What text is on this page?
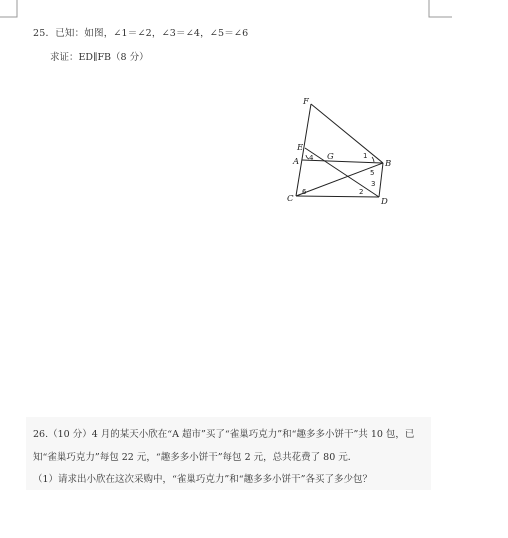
25．已知：如图，∠1＝∠2，∠3＝∠4，∠5＝∠6
求证：ED∥FB（8 分）
F
E
A
C
G
B
D
1
2
3
4
5
6
26.（10 分）4 月的某天小欣在“A 超市”买了“雀巢巧克力”和“趣多多小饼干”共 10 包，已
知“雀巢巧克力”每包 22 元，“趣多多小饼干”每包 2 元，总共花费了 80 元．
（1）请求出小欣在这次采购中，“雀巢巧克力”和“趣多多小饼干”各买了多少包？
